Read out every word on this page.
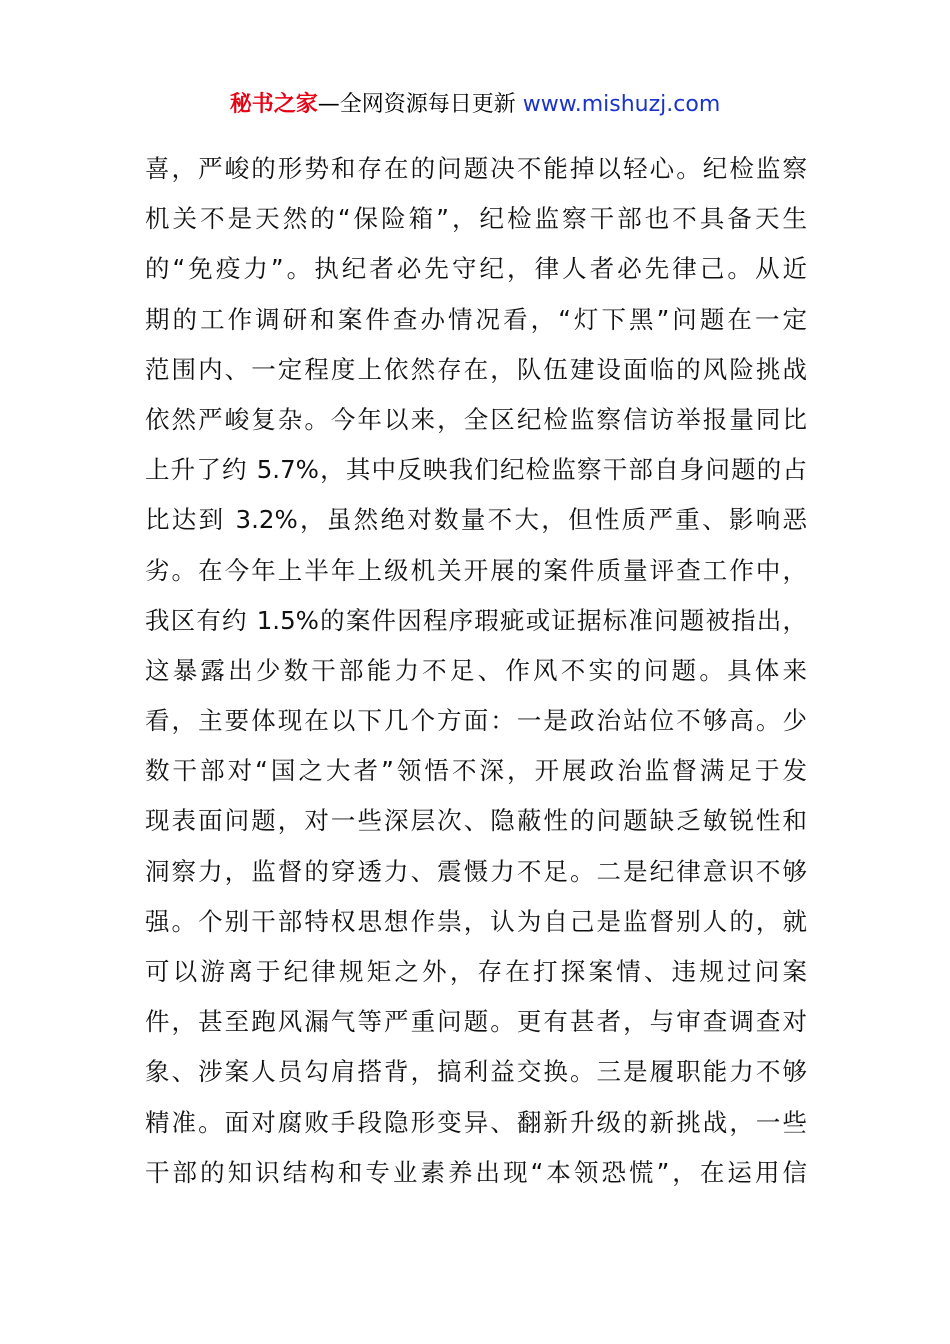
秘书之家—全网资源每日更新 www.mishuzj.com
喜，严峻的形势和存在的问题决不能掉以轻心。纪检监察
机关不是天然的“保险箱”，纪检监察干部也不具备天生
的“免疫力”。执纪者必先守纪，律人者必先律己。从近
期的工作调研和案件查办情况看，“灯下黑”问题在一定
范围内、一定程度上依然存在，队伍建设面临的风险挑战
依然严峻复杂。今年以来，全区纪检监察信访举报量同比
上升了约 5.7%，其中反映我们纪检监察干部自身问题的占
比达到 3.2%，虽然绝对数量不大，但性质严重、影响恶
劣。在今年上半年上级机关开展的案件质量评查工作中，
我区有约 1.5%的案件因程序瑕疵或证据标准问题被指出，
这暴露出少数干部能力不足、作风不实的问题。具体来
看，主要体现在以下几个方面：一是政治站位不够高。少
数干部对“国之大者”领悟不深，开展政治监督满足于发
现表面问题，对一些深层次、隐蔽性的问题缺乏敏锐性和
洞察力，监督的穿透力、震慑力不足。二是纪律意识不够
强。个别干部特权思想作祟，认为自己是监督别人的，就
可以游离于纪律规矩之外，存在打探案情、违规过问案
件，甚至跑风漏气等严重问题。更有甚者，与审查调查对
象、涉案人员勾肩搭背，搞利益交换。三是履职能力不够
精准。面对腐败手段隐形变异、翻新升级的新挑战，一些
干部的知识结构和专业素养出现“本领恐慌”，在运用信
